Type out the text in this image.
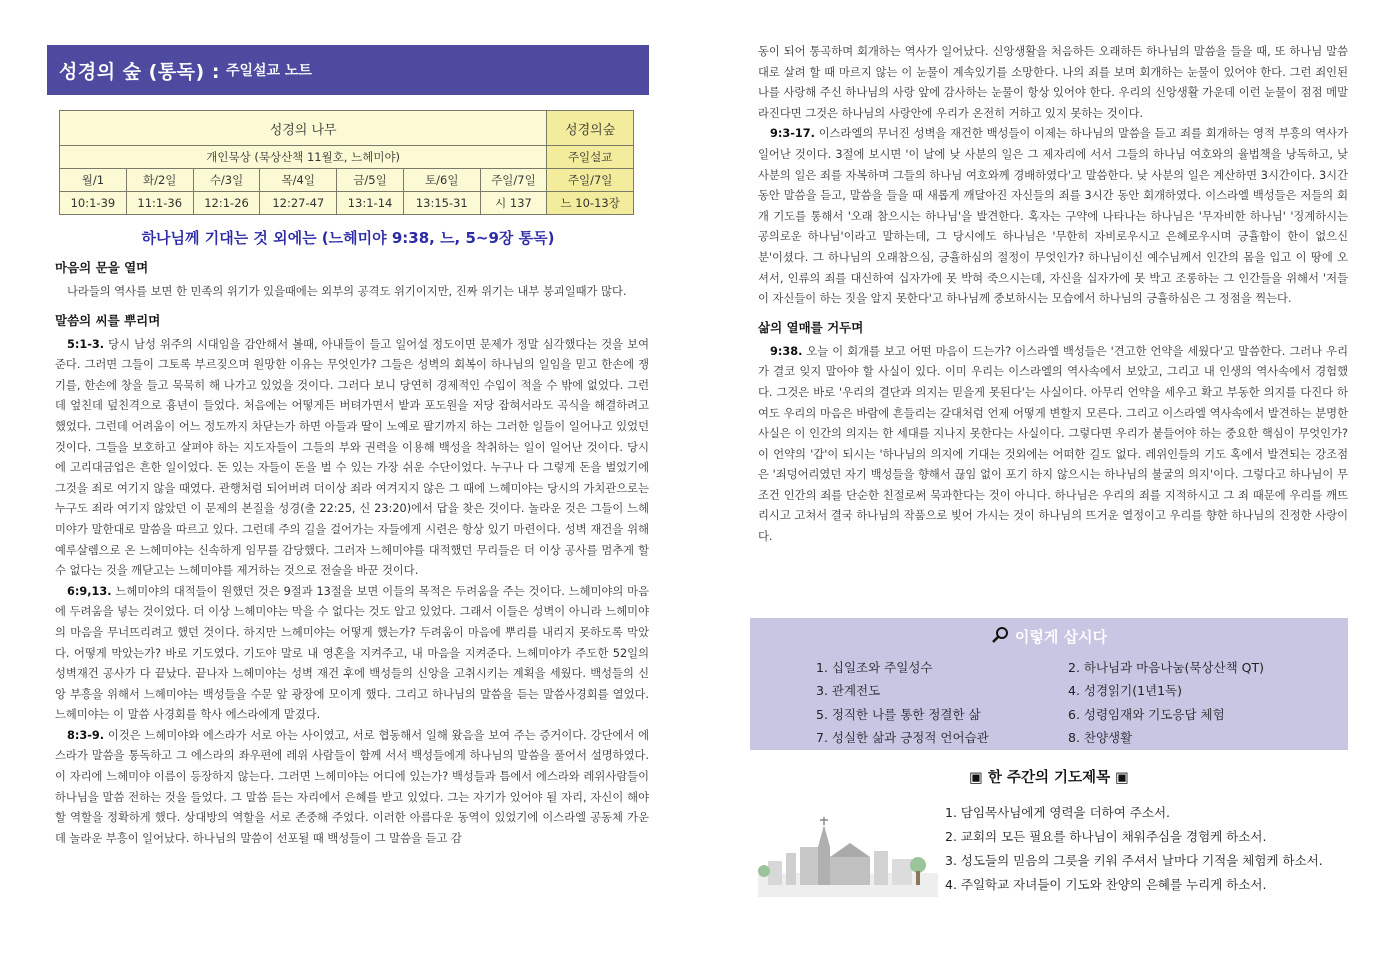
성경의 숲 (통독) : 주일설교 노트
성경의 나무							성경의숲
개인묵상 (묵상산책 11월호, 느헤미야)							주일설교
월/1	화/2일	수/3일	목/4일	금/5일	토/6일	주일/7일	주일/7일
10:1-39	11:1-36	12:1-26	12:27-47	13:1-14	13:15-31	시 137	느 10-13장
하나님께 기대는 것 외에는 (느헤미야 9:38, 느, 5~9장 통독)
마음의 문을 열며

나라들의 역사를 보면 한 민족의 위기가 있을때에는 외부의 공격도 위기이지만, 진짜 위기는 내부 붕괴일때가 많다.

말씀의 씨를 뿌리며

5:1-3. 당시 남성 위주의 시대임을 감안해서 볼때, 아내들이 들고 일어설 정도이면 문제가 정말 심각했다는 것을 보여준다. 그러면 그들이 그토록 부르짖으며 원망한 이유는 무엇인가? 그들은 성벽의 회복이 하나님의 일임을 믿고 한손에 쟁기를, 한손에 창을 들고 묵묵히 해 나가고 있었을 것이다. 그러다 보니 당연히 경제적인 수입이 적을 수 밖에 없었다. 그런데 엎친데 덮친격으로 흉년이 들었다. 처음에는 어떻게든 버텨가면서 밭과 포도원을 저당 잡혀서라도 곡식을 해결하려고 했었다. 그런데 어려움이 어느 정도까지 차닫는가 하면 아들과 딸이 노예로 팔기까지 하는 그러한 일들이 일어나고 있었던 것이다. 그들을 보호하고 살펴야 하는 지도자들이 그들의 부와 권력을 이용해 백성을 착취하는 일이 일어난 것이다. 당시에 고리대금업은 흔한 일이었다. 돈 있는 자들이 돈을 벌 수 있는 가장 쉬운 수단이었다. 누구나 다 그렇게 돈을 벌었기에 그것을 죄로 여기지 않을 때였다. 관행처럼 되어버려 더이상 죄라 여겨지지 않은 그 때에 느헤미야는 당시의 가치관으로는 누구도 죄라 여기지 않았던 이 문제의 본질을 성경(출 22:25, 신 23:20)에서 답을 찾은 것이다. 놀라운 것은 그들이 느헤미야가 말한대로 말씀을 따르고 있다. 그런데 주의 길을 걸어가는 자들에게 시련은 항상 있기 마련이다. 성벽 재건을 위해 예루살렘으로 온 느헤미야는 신속하게 임무를 감당했다. 그러자 느헤미야를 대적했던 무리들은 더 이상 공사를 멈추게 할 수 없다는 것을 깨닫고는 느헤미야를 제거하는 것으로 전술을 바꾼 것이다.

6:9,13. 느헤미야의 대적들이 원했던 것은 9절과 13절을 보면 이들의 목적은 두려움을 주는 것이다. 느헤미야의 마음에 두려움을 넣는 것이었다. 더 이상 느헤미야는 막을 수 없다는 것도 알고 있었다. 그래서 이들은 성벽이 아니라 느헤미야의 마음을 무너뜨리려고 했던 것이다. 하지만 느헤미야는 어떻게 했는가? 두려움이 마음에 뿌리를 내리지 못하도록 막았다. 어떻게 막았는가? 바로 기도였다. 기도야 말로 내 영혼을 지켜주고, 내 마음을 지켜준다. 느헤미야가 주도한 52일의 성벽재건 공사가 다 끝났다. 끝나자 느헤미야는 성벽 재건 후에 백성들의 신앙을 고취시키는 계획을 세웠다. 백성들의 신앙 부흥을 위해서 느헤미야는 백성들을 수문 앞 광장에 모이게 했다. 그리고 하나님의 말씀을 듣는 말씀사경회를 열었다. 느헤미야는 이 말씀 사경회를 학사 에스라에게 맡겼다.

8:3-9. 이것은 느헤미야와 에스라가 서로 아는 사이였고, 서로 협동해서 일해 왔음을 보여 주는 증거이다. 강단에서 에스라가 말씀을 통독하고 그 에스라의 좌우편에 레위 사람들이 함께 서서 백성들에게 하나님의 말씀을 풀어서 설명하였다. 이 자리에 느헤미야 이름이 등장하지 않는다. 그러면 느헤미야는 어디에 있는가? 백성들과 틈에서 에스라와 레위사람들이 하나님을 말씀 전하는 것을 들었다. 그 말씀 듣는 자리에서 은혜를 받고 있었다. 그는 자기가 있어야 될 자리, 자신이 해야 할 역할을 정확하게 했다. 상대방의 역할을 서로 존중해 주었다. 이러한 아름다운 동역이 있었기에 이스라엘 공동체 가운데 놀라운 부흥이 일어났다. 하나님의 말씀이 선포될 때 백성들이 그 말씀을 듣고 감

동이 되어 통곡하며 회개하는 역사가 일어났다. 신앙생활을 처음하든 오래하든 하나님의 말씀을 들을 때, 또 하나님 말씀대로 살려 할 때 마르지 않는 이 눈물이 계속있기를 소망한다. 나의 죄를 보며 회개하는 눈물이 있어야 한다. 그런 죄인된 나를 사랑해 주신 하나님의 사랑 앞에 감사하는 눈물이 항상 있어야 한다. 우리의 신앙생활 가운데 이런 눈물이 점점 메말라진다면 그것은 하나님의 사랑안에 우리가 온전히 거하고 있지 못하는 것이다.

9:3-17. 이스라엘의 무너진 성벽을 재건한 백성들이 이제는 하나님의 말씀을 듣고 죄를 회개하는 영적 부흥의 역사가 일어난 것이다. 3절에 보시면 '이 날에 낮 사분의 일은 그 제자리에 서서 그들의 하나님 여호와의 율법책을 낭독하고, 낮 사분의 일은 죄를 자복하며 그들의 하나님 여호와께 경배하였다'고 말씀한다. 낮 사분의 일은 계산하면 3시간이다. 3시간 동안 말씀을 듣고, 말씀을 들을 때 새롭게 깨달아진 자신들의 죄를 3시간 동안 회개하였다. 이스라엘 백성들은 저들의 회개 기도를 통해서 '오래 참으시는 하나님'을 발견한다. 혹자는 구약에 나타나는 하나님은 '무자비한 하나님' '징계하시는 공의로운 하나님'이라고 말하는데, 그 당시에도 하나님은 '무한히 자비로우시고 은혜로우시며 긍휼함이 한이 없으신 분'이셨다. 그 하나님의 오래참으심, 긍휼하심의 절정이 무엇인가? 하나님이신 예수님께서 인간의 몸을 입고 이 땅에 오셔서, 인류의 죄를 대신하여 십자가에 못 박혀 죽으시는데, 자신을 십자가에 못 박고 조롱하는 그 인간들을 위해서 '저들이 자신들이 하는 짓을 알지 못한다'고 하나님께 중보하시는 모습에서 하나님의 긍휼하심은 그 정점을 찍는다.

삶의 열매를 거두며

9:38. 오늘 이 회개를 보고 어떤 마음이 드는가? 이스라엘 백성들은 '견고한 언약을 세웠다'고 말씀한다. 그러나 우리가 결코 잊지 말아야 할 사실이 있다. 이미 우리는 이스라엘의 역사속에서 보았고, 그리고 내 인생의 역사속에서 경험했다. 그것은 바로 '우리의 결단과 의지는 믿을게 못된다'는 사실이다. 아무리 언약을 세우고 확고 부동한 의지를 다진다 하여도 우리의 마음은 바람에 흔들리는 갈대처럼 언제 어떻게 변할지 모른다. 그리고 이스라엘 역사속에서 발견하는 분명한 사실은 이 인간의 의지는 한 세대를 지나지 못한다는 사실이다. 그렇다면 우리가 붙들어야 하는 중요한 핵심이 무엇인가? 이 언약의 '갑'이 되시는 '하나님의 의지에 기대는 것외에는 어떠한 길도 없다. 레위인들의 기도 혹에서 발견되는 강조점은 '죄덩어리였던 자기 백성들을 향해서 끊임 없이 포기 하지 않으시는 하나님의 불굴의 의지'이다. 그렇다고 하나님이 무조건 인간의 죄를 단순한 친절로써 묵과한다는 것이 아니다. 하나님은 우리의 죄를 지적하시고 그 죄 때문에 우리를 깨뜨리시고 고쳐서 결국 하나님의 작품으로 빚어 가시는 것이 하나님의 뜨거운 열정이고 우리를 향한 하나님의 진정한 사랑이다.

이렇게 삽시다
1. 십일조와 주일성수	2. 하나님과 마음나눔(묵상산책 QT)
3. 관계전도	4. 성경읽기(1년1독)
5. 정직한 나를 통한 정결한 삶	6. 성령임재와 기도응답 체험
7. 성실한 삶과 긍정적 언어습관	8. 찬양생활
▣ 한 주간의 기도제목 ▣
1. 담임목사님에게 영력을 더하여 주소서.
2. 교회의 모든 필요를 하나님이 채워주심을 경험케 하소서.
3. 성도들의 믿음의 그릇을 키워 주셔서 날마다 기적을 체험케 하소서.
4. 주일학교 자녀들이 기도와 찬양의 은혜를 누리게 하소서.
